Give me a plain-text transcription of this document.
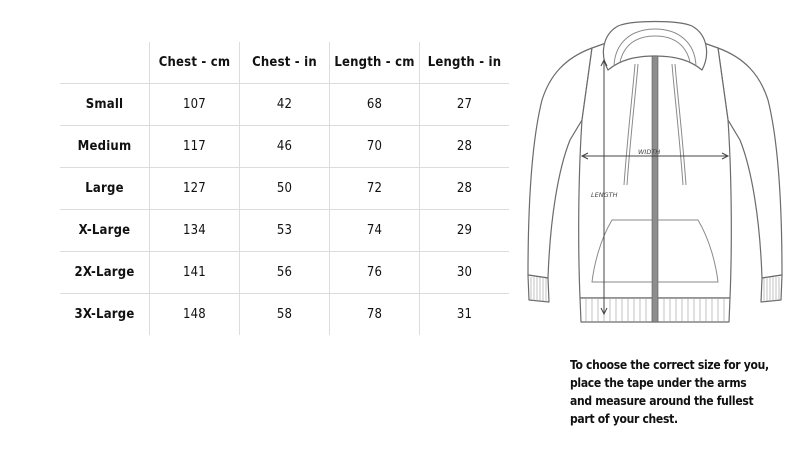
	Chest - cm	Chest - in	Length - cm	Length - in
Small	107	42	68	27
Medium	117	46	70	28
Large	127	50	72	28
X-Large	134	53	74	29
2X-Large	141	56	76	30
3X-Large	148	58	78	31
WIDTH
LENGTH

To choose the correct size for you, place the tape under the arms and measure around the fullest part of your chest.
